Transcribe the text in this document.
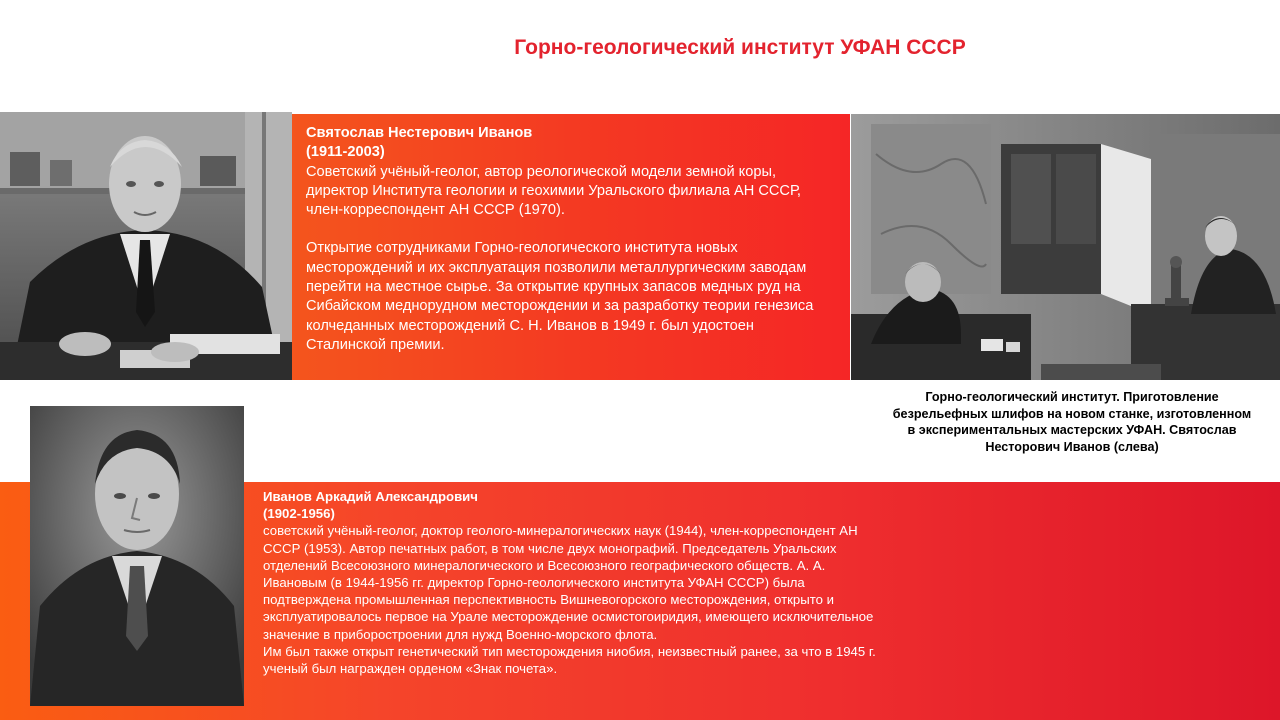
Горно-геологический институт УФАН СССР

Святослав Нестерович Иванов

(1911-2003)

Советский учёный-геолог, автор реологической модели земной коры, директор Института геологии и геохимии Уральского филиала АН СССР, член-корреспондент АН СССР (1970).

Открытие сотрудниками Горно-геологического института новых месторождений и их эксплуатация позволили металлургическим заводам перейти на местное сырье. За открытие крупных запасов медных руд на Сибайском меднорудном месторождении и за разработку теории генезиса колчеданных месторождений С. Н. Иванов в 1949 г. был удостоен Сталинской премии.

Горно-геологический институт. Приготовление безрельефных шлифов на новом станке, изготовленном в экспериментальных мастерских УФАН. Святослав Несторович Иванов (слева)

Иванов Аркадий Александрович

(1902-1956)

советский учёный-геолог, доктор геолого-минералогических наук (1944), член-корреспондент АН СССР (1953). Автор печатных работ, в том числе двух монографий. Председатель Уральских отделений Всесоюзного минералогического и Всесоюзного географического обществ. А. А. Ивановым (в 1944-1956 гг. директор Горно-геологического института УФАН СССР) была подтверждена промышленная перспективность Вишневогорского месторождения, открыто и эксплуатировалось первое на Урале месторождение осмистогоиридия, имеющего исключительное значение в приборостроении для нужд Военно-морского флота.

Им был также открыт генетический тип месторождения ниобия, неизвестный ранее, за что в 1945 г. ученый был награжден орденом «Знак почета».
